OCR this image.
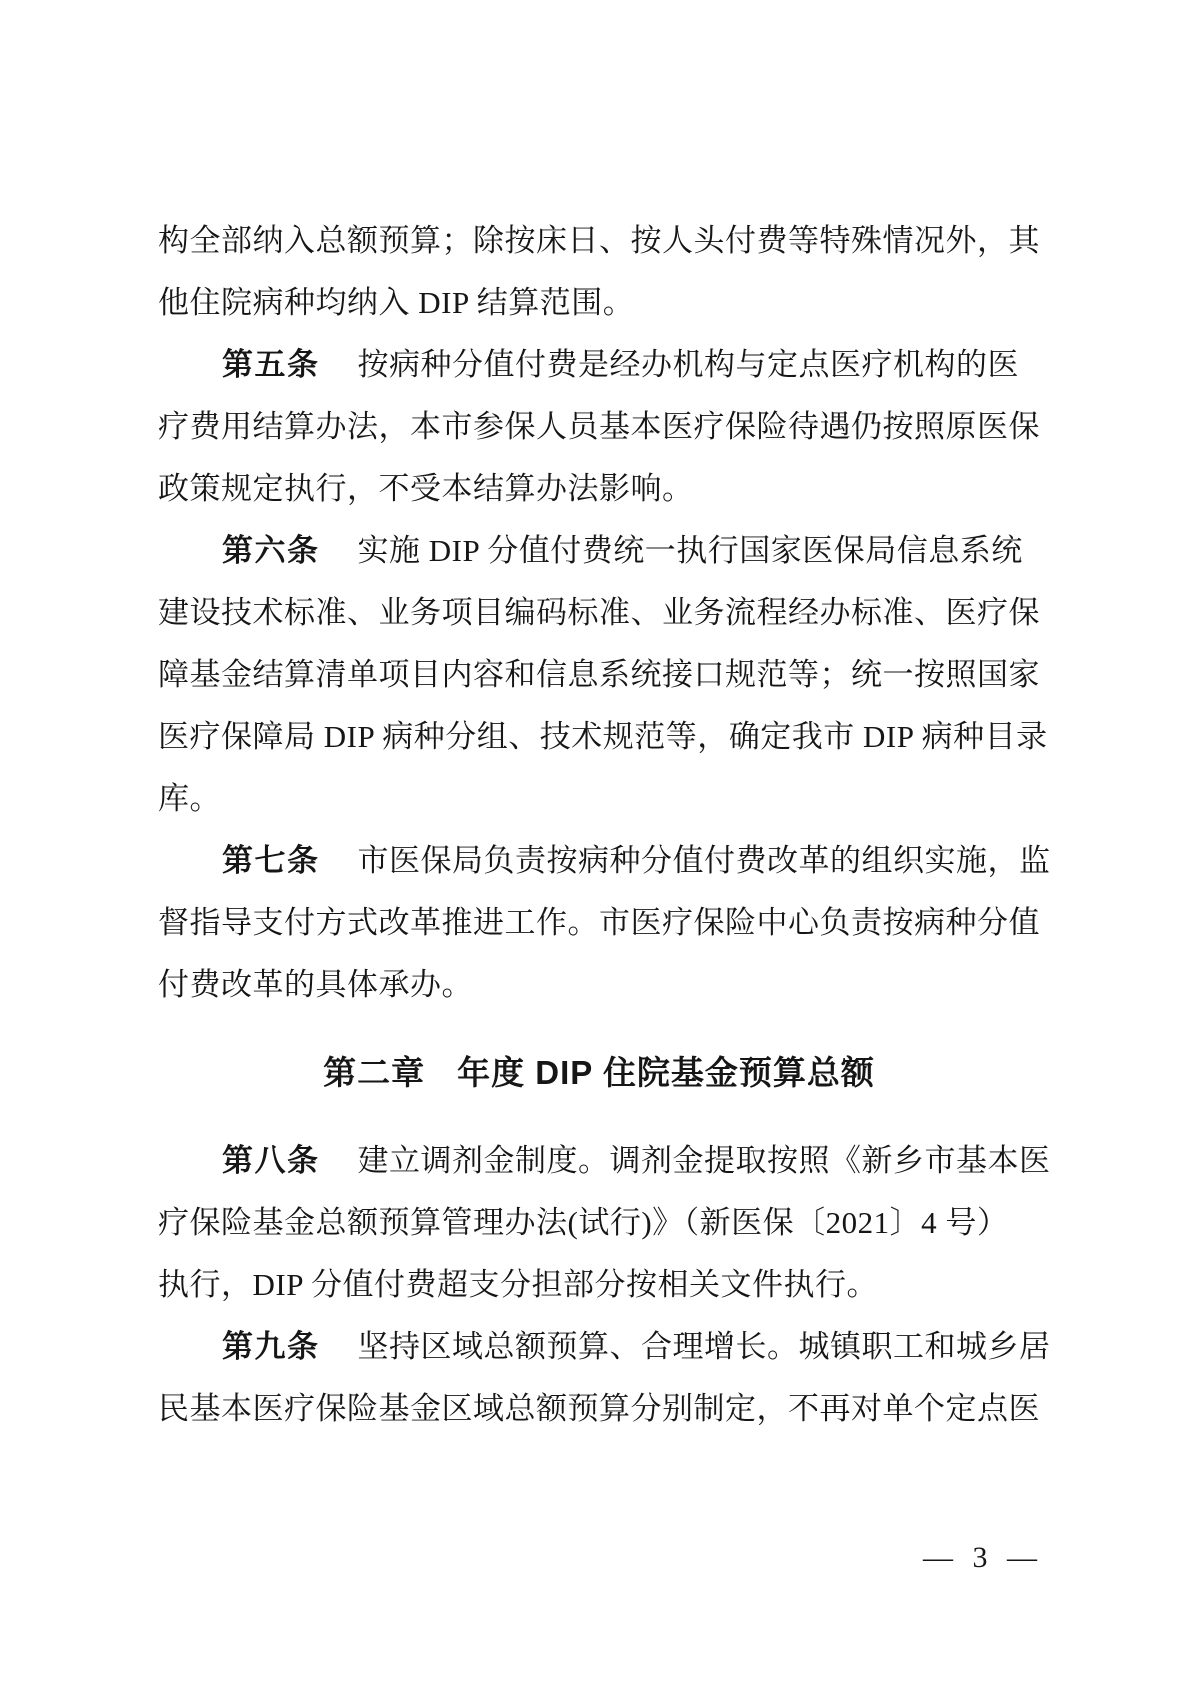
构全部纳入总额预算；除按床日、按人头付费等特殊情况外，其
他住院病种均纳入 DIP 结算范围。
第五条 按病种分值付费是经办机构与定点医疗机构的医
疗费用结算办法，本市参保人员基本医疗保险待遇仍按照原医保
政策规定执行，不受本结算办法影响。
第六条 实施 DIP 分值付费统一执行国家医保局信息系统
建设技术标准、业务项目编码标准、业务流程经办标准、医疗保
障基金结算清单项目内容和信息系统接口规范等；统一按照国家
医疗保障局 DIP 病种分组、技术规范等，确定我市 DIP 病种目录
库。
第七条 市医保局负责按病种分值付费改革的组织实施，监
督指导支付方式改革推进工作。市医疗保险中心负责按病种分值
付费改革的具体承办。
第二章 年度 DIP 住院基金预算总额
第八条 建立调剂金制度。调剂金提取按照《新乡市基本医
疗保险基金总额预算管理办法(试行)》（新医保〔2021〕4 号）
执行，DIP 分值付费超支分担部分按相关文件执行。
第九条 坚持区域总额预算、合理增长。城镇职工和城乡居
民基本医疗保险基金区域总额预算分别制定，不再对单个定点医
— 3 —
